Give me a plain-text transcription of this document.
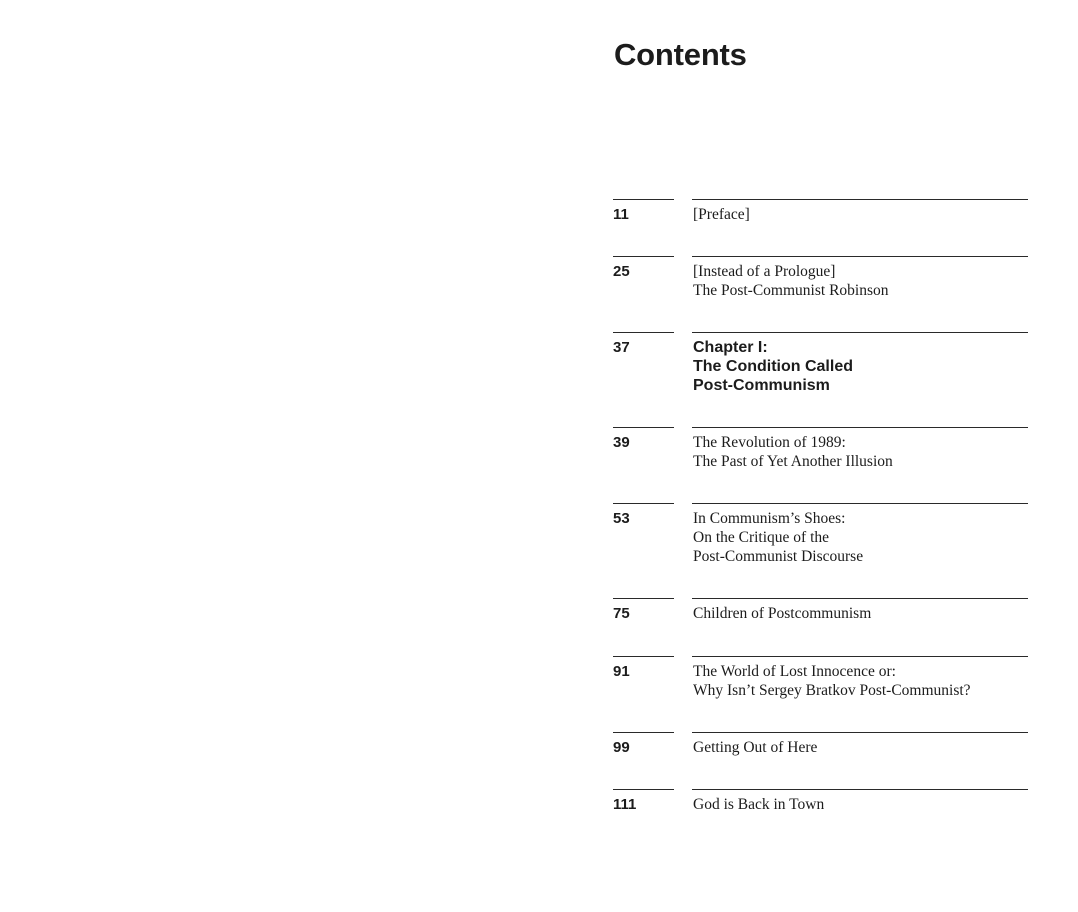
Contents
11	[Preface]
25	[Instead of a Prologue]
The Post-Communist Robinson
37	Chapter I:
The Condition Called
Post-Communism
39	The Revolution of 1989:
The Past of Yet Another Illusion
53	In Communism’s Shoes:
On the Critique of the
Post-Communist Discourse
75	Children of Postcommunism
91	The World of Lost Innocence or:
Why Isn’t Sergey Bratkov Post-Communist?
99	Getting Out of Here
111	God is Back in Town
